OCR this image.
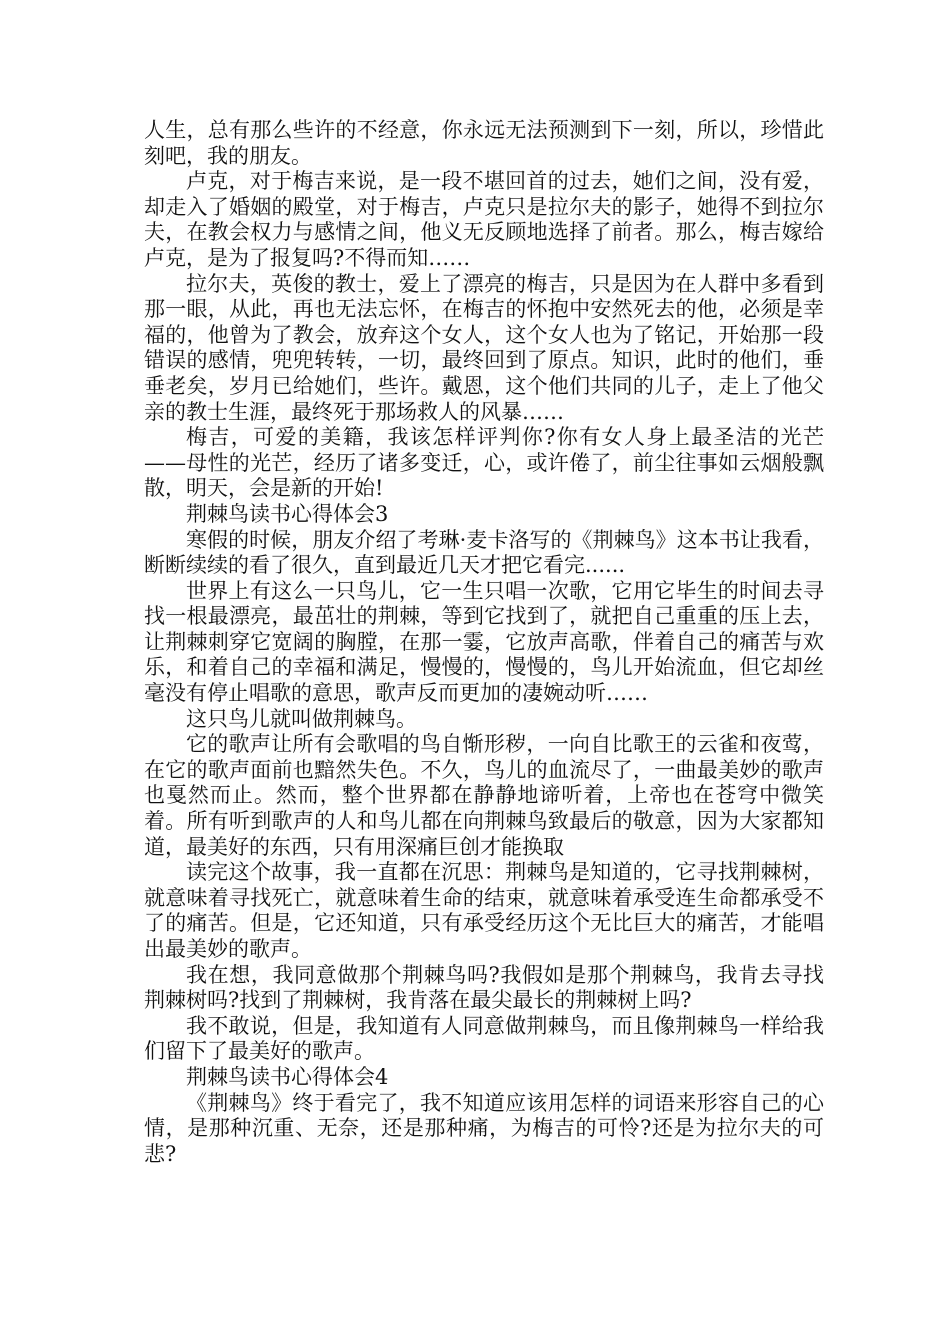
人生，总有那么些许的不经意，你永远无法预测到下一刻，所以，珍惜此刻吧，我的朋友。

卢克，对于梅吉来说，是一段不堪回首的过去，她们之间，没有爱，却走入了婚姻的殿堂，对于梅吉，卢克只是拉尔夫的影子，她得不到拉尔夫，在教会权力与感情之间，他义无反顾地选择了前者。那么，梅吉嫁给卢克，是为了报复吗?不得而知……

拉尔夫，英俊的教士，爱上了漂亮的梅吉，只是因为在人群中多看到那一眼，从此，再也无法忘怀，在梅吉的怀抱中安然死去的他，必须是幸福的，他曾为了教会，放弃这个女人，这个女人也为了铭记，开始那一段错误的感情，兜兜转转，一切，最终回到了原点。知识，此时的他们，垂垂老矣，岁月已给她们，些许。戴恩，这个他们共同的儿子，走上了他父亲的教士生涯，最终死于那场救人的风暴……

梅吉，可爱的美籍，我该怎样评判你?你有女人身上最圣洁的光芒——母性的光芒，经历了诸多变迁，心，或许倦了，前尘往事如云烟般飘散，明天，会是新的开始!

荆棘鸟读书心得体会3

寒假的时候，朋友介绍了考琳·麦卡洛写的《荆棘鸟》这本书让我看，断断续续的看了很久，直到最近几天才把它看完......

世界上有这么一只鸟儿，它一生只唱一次歌，它用它毕生的时间去寻找一根最漂亮，最茁壮的荆棘，等到它找到了，就把自己重重的压上去，让荆棘刺穿它宽阔的胸膛，在那一霎，它放声高歌，伴着自己的痛苦与欢乐，和着自己的幸福和满足，慢慢的，慢慢的，鸟儿开始流血，但它却丝毫没有停止唱歌的意思，歌声反而更加的凄婉动听……

这只鸟儿就叫做荆棘鸟。

它的歌声让所有会歌唱的鸟自惭形秽，一向自比歌王的云雀和夜莺，在它的歌声面前也黯然失色。不久，鸟儿的血流尽了，一曲最美妙的歌声也戛然而止。然而，整个世界都在静静地谛听着，上帝也在苍穹中微笑着。所有听到歌声的人和鸟儿都在向荆棘鸟致最后的敬意，因为大家都知道，最美好的东西，只有用深痛巨创才能换取

读完这个故事，我一直都在沉思：荆棘鸟是知道的，它寻找荆棘树，就意味着寻找死亡，就意味着生命的结束，就意味着承受连生命都承受不了的痛苦。但是，它还知道，只有承受经历这个无比巨大的痛苦，才能唱出最美妙的歌声。

我在想，我同意做那个荆棘鸟吗?我假如是那个荆棘鸟，我肯去寻找荆棘树吗?找到了荆棘树，我肯落在最尖最长的荆棘树上吗?

我不敢说，但是，我知道有人同意做荆棘鸟，而且像荆棘鸟一样给我们留下了最美好的歌声。

荆棘鸟读书心得体会4

《荆棘鸟》终于看完了，我不知道应该用怎样的词语来形容自己的心情，是那种沉重、无奈，还是那种痛，为梅吉的可怜?还是为拉尔夫的可悲?
